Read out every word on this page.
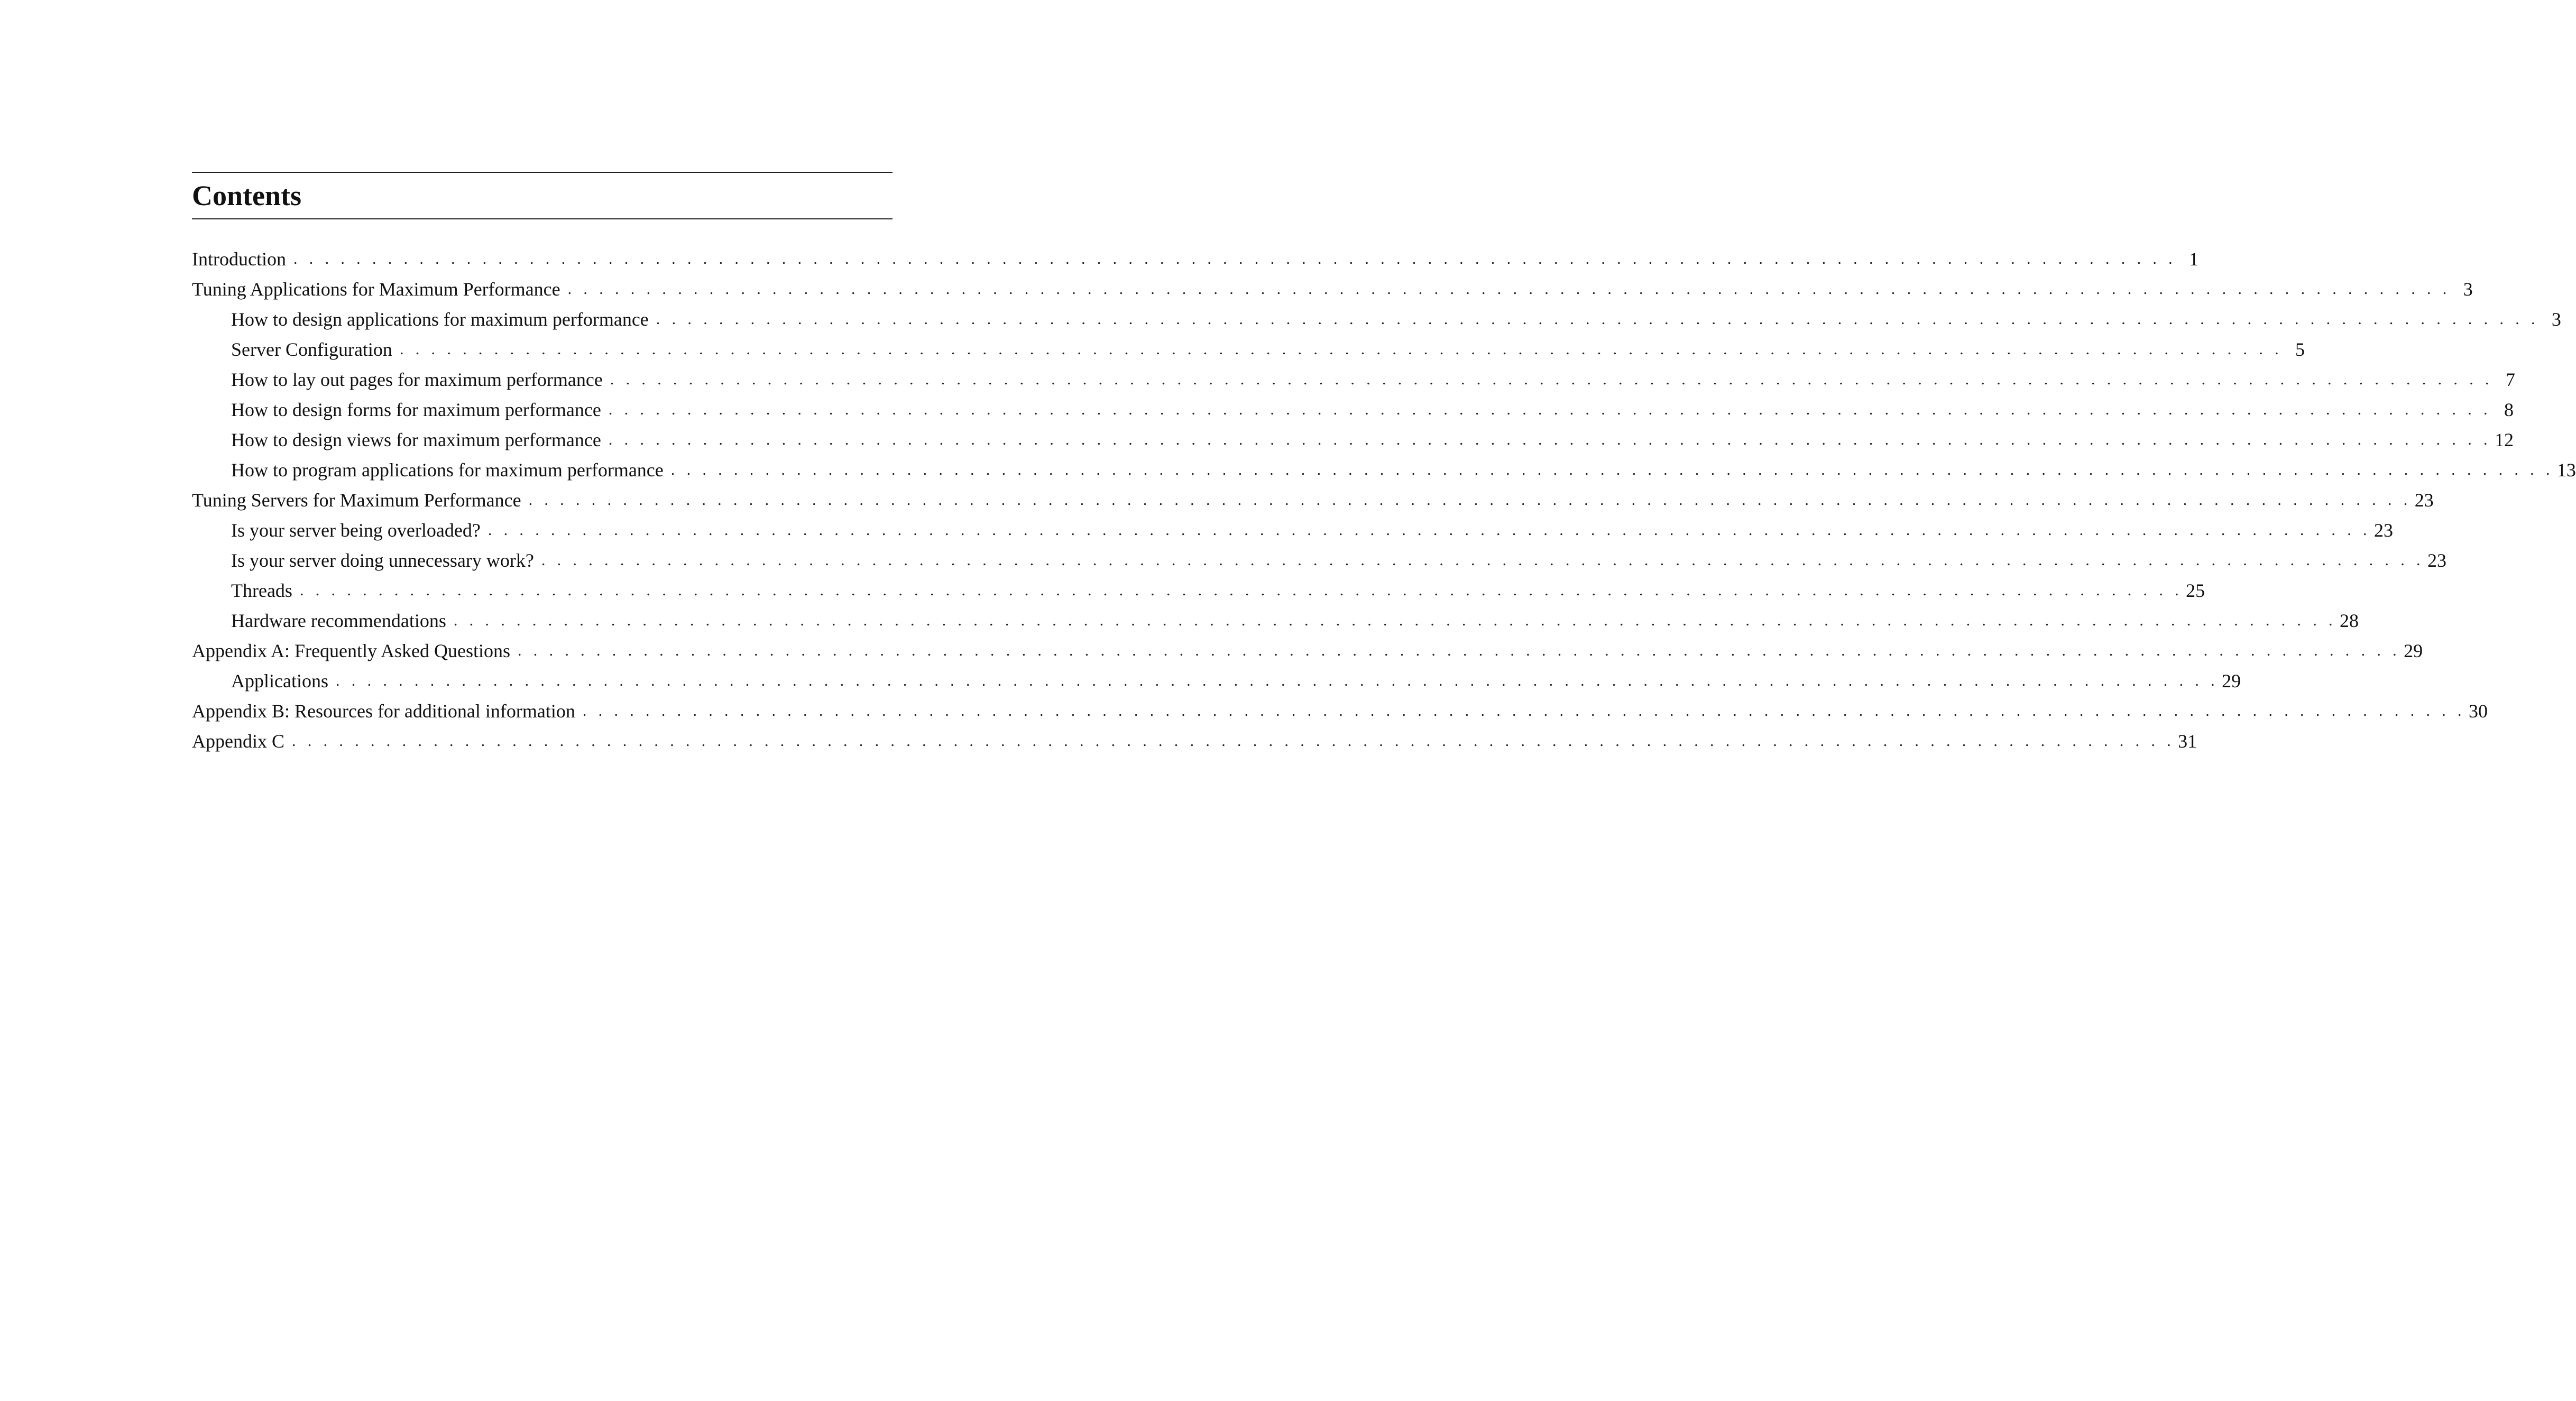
Contents
Introduction . . . . . . . . . . . . . . . . . . . . . . . . . . . . . . . . . . . . . . . . . . . . . . . . . . . . . . . . . . . . . . . . . . . . . . . . . . . . . . . . . . . . . . . . . . . . . . . . . . . . . . . . . . . . . . . . . . . . . . . . 1
Tuning Applications for Maximum Performance . . . . . . . . . . . . . . . . . . . . . . . . . . . . . . . . . . . . . . . . . . . . . . . . . . . . . . . . . . . . . . . . . . . . . . . . . . . . . . . . . . . . . . . . . . . . . . . . . . . . . . . . . . . . . . . . . . . . . . . . 3
How to design applications for maximum performance . . . . . . . . . . . . . . . . . . . . . . . . . . . . . . . . . . . . . . . . . . . . . . . . . . . . . . . . . . . . . . . . . . . . . . . . . . . . . . . . . . . . . . . . . . . . . . . . . . . . . . . . . . . . . . . . . . . . . . . . 3
Server Configuration . . . . . . . . . . . . . . . . . . . . . . . . . . . . . . . . . . . . . . . . . . . . . . . . . . . . . . . . . . . . . . . . . . . . . . . . . . . . . . . . . . . . . . . . . . . . . . . . . . . . . . . . . . . . . . . . . . . . . . . . 5
How to lay out pages for maximum performance . . . . . . . . . . . . . . . . . . . . . . . . . . . . . . . . . . . . . . . . . . . . . . . . . . . . . . . . . . . . . . . . . . . . . . . . . . . . . . . . . . . . . . . . . . . . . . . . . . . . . . . . . . . . . . . . . . . . . . . . 7
How to design forms for maximum performance . . . . . . . . . . . . . . . . . . . . . . . . . . . . . . . . . . . . . . . . . . . . . . . . . . . . . . . . . . . . . . . . . . . . . . . . . . . . . . . . . . . . . . . . . . . . . . . . . . . . . . . . . . . . . . . . . . . . . . . . 8
How to design views for maximum performance . . . . . . . . . . . . . . . . . . . . . . . . . . . . . . . . . . . . . . . . . . . . . . . . . . . . . . . . . . . . . . . . . . . . . . . . . . . . . . . . . . . . . . . . . . . . . . . . . . . . . . . . . . . . . . . . . . . . . . . . 12
How to program applications for maximum performance . . . . . . . . . . . . . . . . . . . . . . . . . . . . . . . . . . . . . . . . . . . . . . . . . . . . . . . . . . . . . . . . . . . . . . . . . . . . . . . . . . . . . . . . . . . . . . . . . . . . . . . . . . . . . . . . . . . . . . . . 13
Tuning Servers for Maximum Performance . . . . . . . . . . . . . . . . . . . . . . . . . . . . . . . . . . . . . . . . . . . . . . . . . . . . . . . . . . . . . . . . . . . . . . . . . . . . . . . . . . . . . . . . . . . . . . . . . . . . . . . . . . . . . . . . . . . . . . . . 23
Is your server being overloaded? . . . . . . . . . . . . . . . . . . . . . . . . . . . . . . . . . . . . . . . . . . . . . . . . . . . . . . . . . . . . . . . . . . . . . . . . . . . . . . . . . . . . . . . . . . . . . . . . . . . . . . . . . . . . . . . . . . . . . . . . 23
Is your server doing unnecessary work? . . . . . . . . . . . . . . . . . . . . . . . . . . . . . . . . . . . . . . . . . . . . . . . . . . . . . . . . . . . . . . . . . . . . . . . . . . . . . . . . . . . . . . . . . . . . . . . . . . . . . . . . . . . . . . . . . . . . . . . . 23
Threads . . . . . . . . . . . . . . . . . . . . . . . . . . . . . . . . . . . . . . . . . . . . . . . . . . . . . . . . . . . . . . . . . . . . . . . . . . . . . . . . . . . . . . . . . . . . . . . . . . . . . . . . . . . . . . . . . . . . . . . . 25
Hardware recommendations . . . . . . . . . . . . . . . . . . . . . . . . . . . . . . . . . . . . . . . . . . . . . . . . . . . . . . . . . . . . . . . . . . . . . . . . . . . . . . . . . . . . . . . . . . . . . . . . . . . . . . . . . . . . . . . . . . . . . . . . 28
Appendix A: Frequently Asked Questions . . . . . . . . . . . . . . . . . . . . . . . . . . . . . . . . . . . . . . . . . . . . . . . . . . . . . . . . . . . . . . . . . . . . . . . . . . . . . . . . . . . . . . . . . . . . . . . . . . . . . . . . . . . . . . . . . . . . . . . . 29
Applications . . . . . . . . . . . . . . . . . . . . . . . . . . . . . . . . . . . . . . . . . . . . . . . . . . . . . . . . . . . . . . . . . . . . . . . . . . . . . . . . . . . . . . . . . . . . . . . . . . . . . . . . . . . . . . . . . . . . . . . . 29
Appendix B: Resources for additional information . . . . . . . . . . . . . . . . . . . . . . . . . . . . . . . . . . . . . . . . . . . . . . . . . . . . . . . . . . . . . . . . . . . . . . . . . . . . . . . . . . . . . . . . . . . . . . . . . . . . . . . . . . . . . . . . . . . . . . . . 30
Appendix C . . . . . . . . . . . . . . . . . . . . . . . . . . . . . . . . . . . . . . . . . . . . . . . . . . . . . . . . . . . . . . . . . . . . . . . . . . . . . . . . . . . . . . . . . . . . . . . . . . . . . . . . . . . . . . . . . . . . . . . . 31
